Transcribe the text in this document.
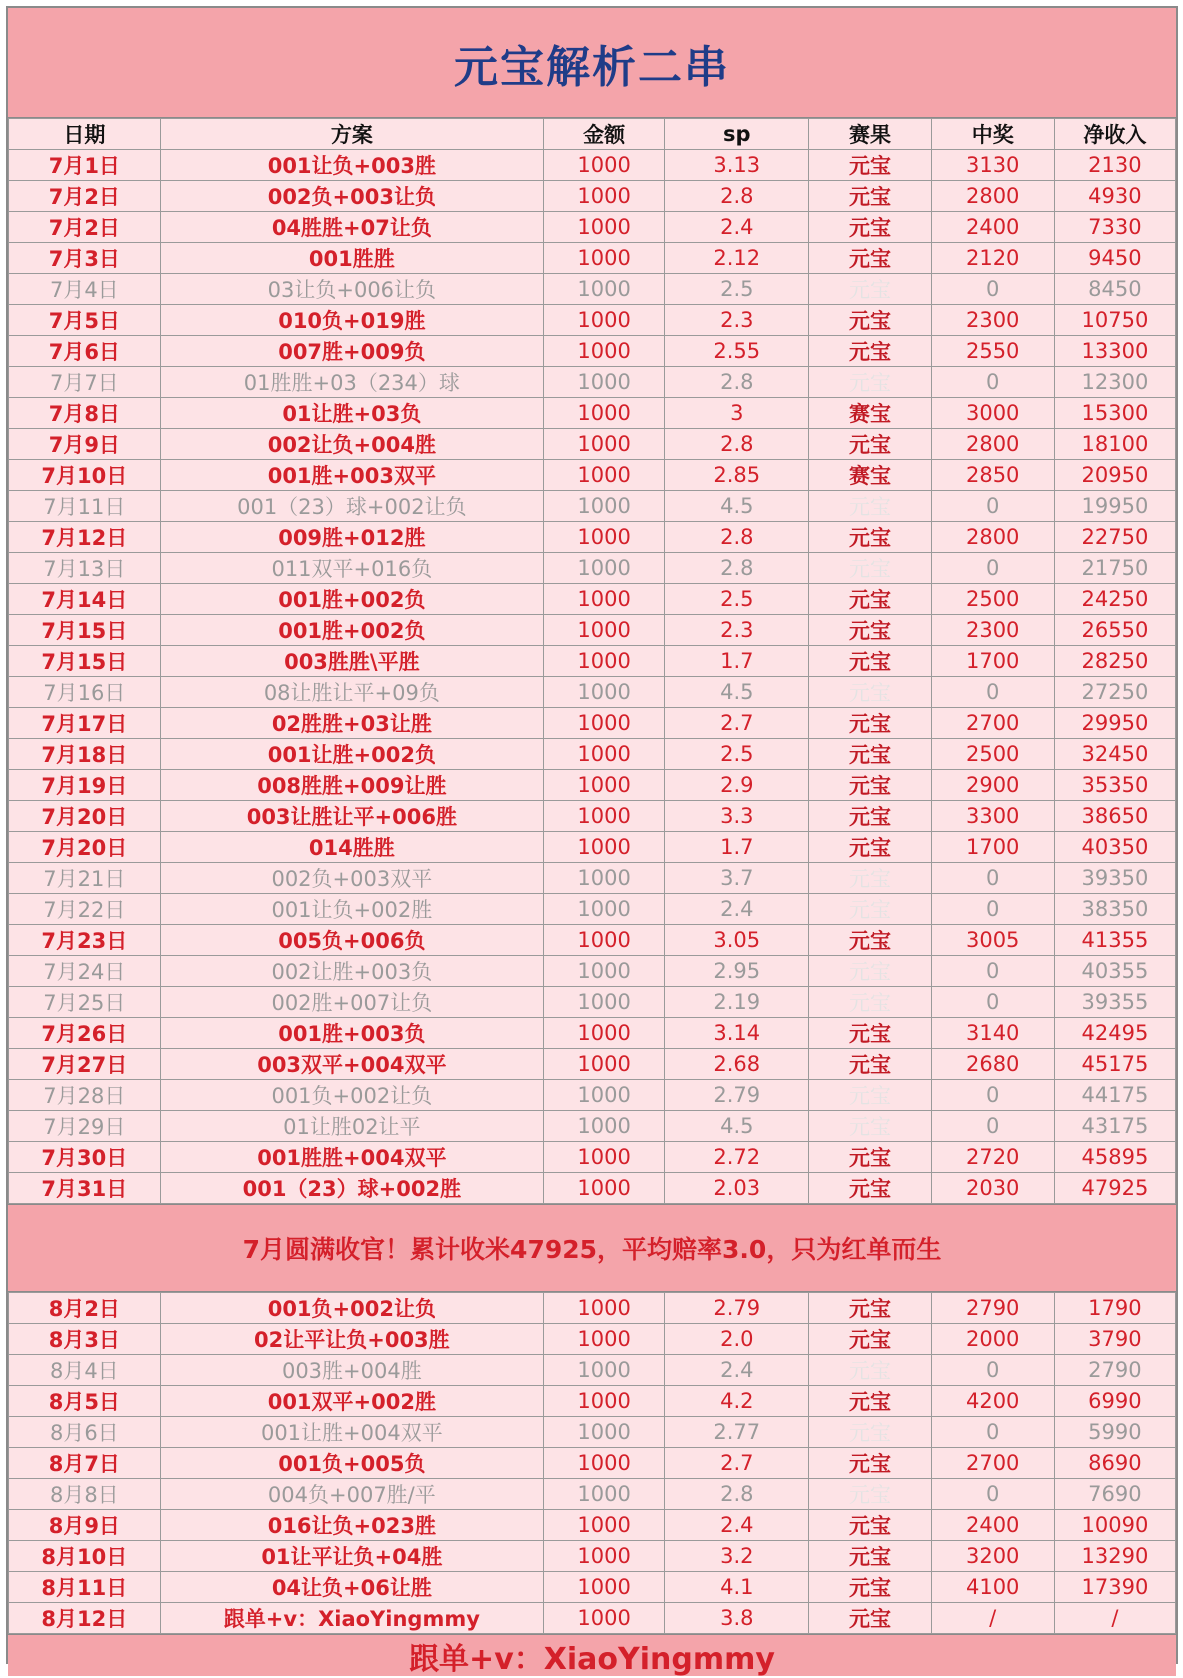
元宝解析二串
日期	方案	金额	sp	赛果	中奖	净收入
7月1日	001让负+003胜	1000	3.13	元宝	3130	2130
7月2日	002负+003让负	1000	2.8	元宝	2800	4930
7月2日	04胜胜+07让负	1000	2.4	元宝	2400	7330
7月3日	001胜胜	1000	2.12	元宝	2120	9450
7月4日	03让负+006让负	1000	2.5	元宝	0	8450
7月5日	010负+019胜	1000	2.3	元宝	2300	10750
7月6日	007胜+009负	1000	2.55	元宝	2550	13300
7月7日	01胜胜+03（234）球	1000	2.8	元宝	0	12300
7月8日	01让胜+03负	1000	3	赛宝	3000	15300
7月9日	002让负+004胜	1000	2.8	元宝	2800	18100
7月10日	001胜+003双平	1000	2.85	赛宝	2850	20950
7月11日	001（23）球+002让负	1000	4.5	元宝	0	19950
7月12日	009胜+012胜	1000	2.8	元宝	2800	22750
7月13日	011双平+016负	1000	2.8	元宝	0	21750
7月14日	001胜+002负	1000	2.5	元宝	2500	24250
7月15日	001胜+002负	1000	2.3	元宝	2300	26550
7月15日	003胜胜\平胜	1000	1.7	元宝	1700	28250
7月16日	08让胜让平+09负	1000	4.5	元宝	0	27250
7月17日	02胜胜+03让胜	1000	2.7	元宝	2700	29950
7月18日	001让胜+002负	1000	2.5	元宝	2500	32450
7月19日	008胜胜+009让胜	1000	2.9	元宝	2900	35350
7月20日	003让胜让平+006胜	1000	3.3	元宝	3300	38650
7月20日	014胜胜	1000	1.7	元宝	1700	40350
7月21日	002负+003双平	1000	3.7	元宝	0	39350
7月22日	001让负+002胜	1000	2.4	元宝	0	38350
7月23日	005负+006负	1000	3.05	元宝	3005	41355
7月24日	002让胜+003负	1000	2.95	元宝	0	40355
7月25日	002胜+007让负	1000	2.19	元宝	0	39355
7月26日	001胜+003负	1000	3.14	元宝	3140	42495
7月27日	003双平+004双平	1000	2.68	元宝	2680	45175
7月28日	001负+002让负	1000	2.79	元宝	0	44175
7月29日	01让胜02让平	1000	4.5	元宝	0	43175
7月30日	001胜胜+004双平	1000	2.72	元宝	2720	45895
7月31日	001（23）球+002胜	1000	2.03	元宝	2030	47925
7月圆满收官！累计收米47925，平均赔率3.0，只为红单而生
8月2日	001负+002让负	1000	2.79	元宝	2790	1790
8月3日	02让平让负+003胜	1000	2.0	元宝	2000	3790
8月4日	003胜+004胜	1000	2.4	元宝	0	2790
8月5日	001双平+002胜	1000	4.2	元宝	4200	6990
8月6日	001让胜+004双平	1000	2.77	元宝	0	5990
8月7日	001负+005负	1000	2.7	元宝	2700	8690
8月8日	004负+007胜/平	1000	2.8	元宝	0	7690
8月9日	016让负+023胜	1000	2.4	元宝	2400	10090
8月10日	01让平让负+04胜	1000	3.2	元宝	3200	13290
8月11日	04让负+06让胜	1000	4.1	元宝	4100	17390
8月12日	跟单+v：XiaoYingmmy	1000	3.8	元宝	/	/
跟单+v：XiaoYingmmy
